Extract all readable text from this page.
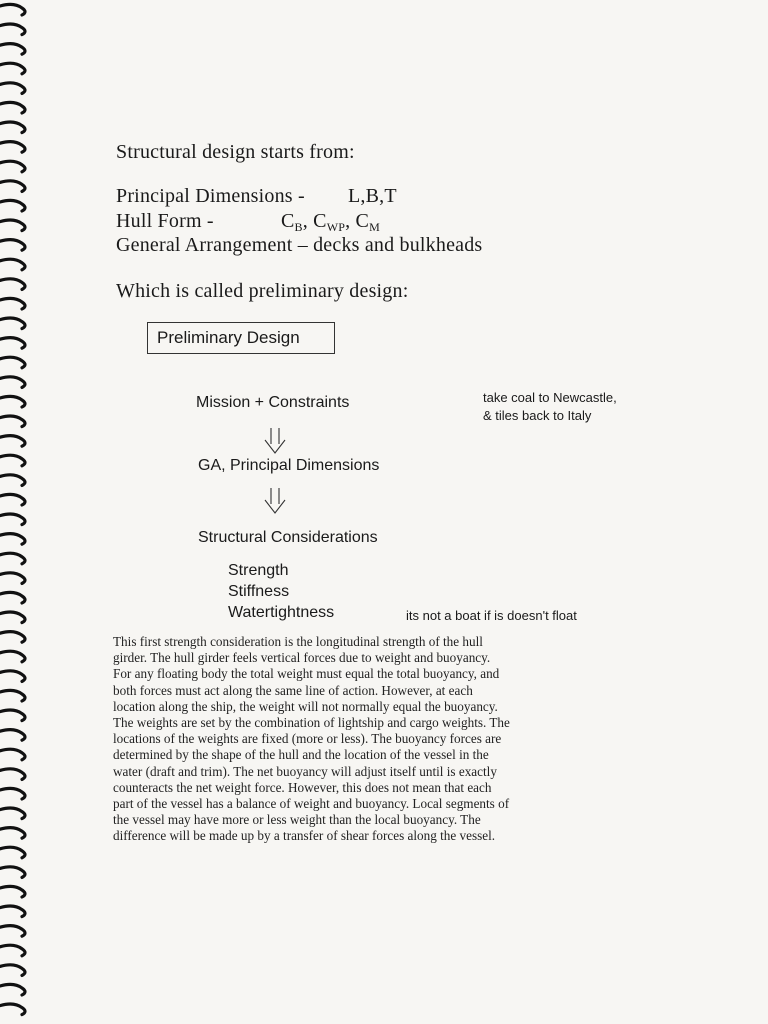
Structural design starts from:
Principal Dimensions - L,B,T
Hull Form -	$C_B$, $C_{WP}$, $C_M$
General Arrangement – decks and bulkheads
Which is called preliminary design:
Preliminary Design
Mission + Constraints
GA, Principal Dimensions
Structural Considerations
Strength
Stiffness
Watertightness
take coal to Newcastle,
& tiles back to Italy
its not a boat if is doesn't float
This first strength consideration is the longitudinal strength of the hull
girder. The hull girder feels vertical forces due to weight and buoyancy.
For any floating body the total weight must equal the total buoyancy, and
both forces must act along the same line of action. However, at each
location along the ship, the weight will not normally equal the buoyancy.
The weights are set by the combination of lightship and cargo weights. The
locations of the weights are fixed (more or less). The buoyancy forces are
determined by the shape of the hull and the location of the vessel in the
water (draft and trim). The net buoyancy will adjust itself until is exactly
counteracts the net weight force. However, this does not mean that each
part of the vessel has a balance of weight and buoyancy. Local segments of
the vessel may have more or less weight than the local buoyancy. The
difference will be made up by a transfer of shear forces along the vessel.
